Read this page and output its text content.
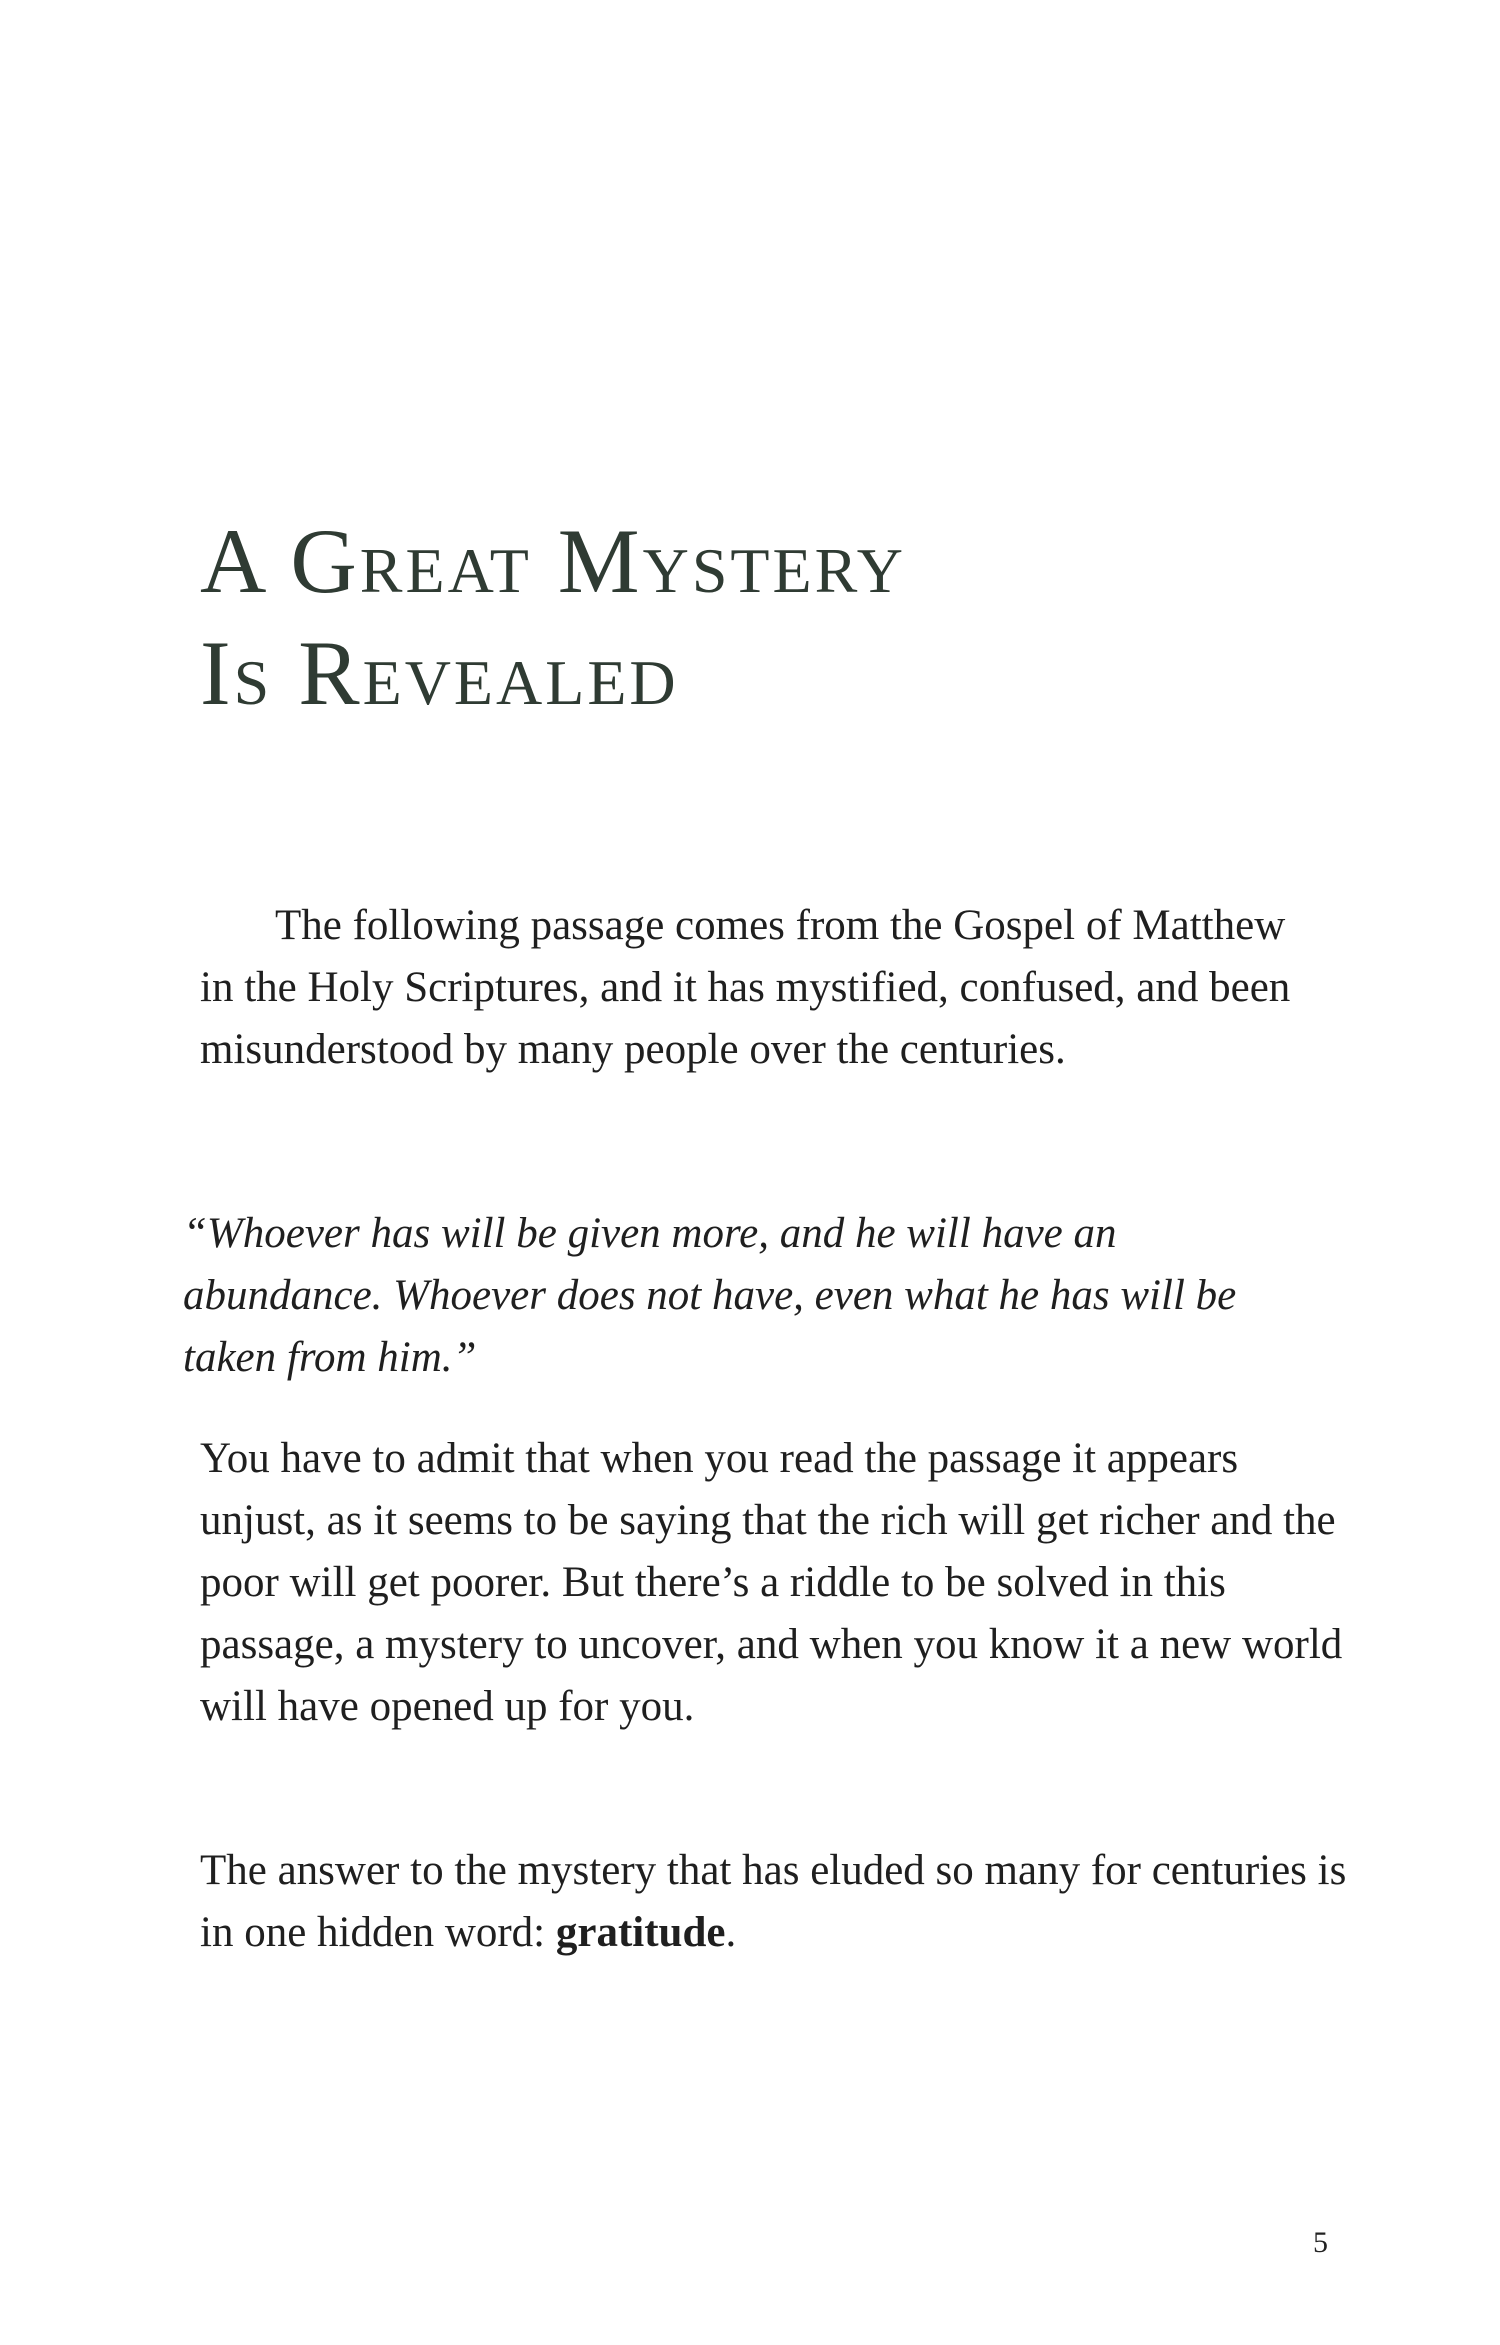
A Great Mystery
Is Revealed

The following passage comes from the Gospel of Matthew in the Holy Scriptures, and it has mystified, confused, and been misunderstood by many people over the centuries.

“Whoever has will be given more, and he will have an abundance. Whoever does not have, even what he has will be taken from him.”

You have to admit that when you read the passage it appears unjust, as it seems to be saying that the rich will get richer and the poor will get poorer. But there’s a riddle to be solved in this passage, a mystery to uncover, and when you know it a new world will have opened up for you.

The answer to the mystery that has eluded so many for centuries is in one hidden word: gratitude.

5
